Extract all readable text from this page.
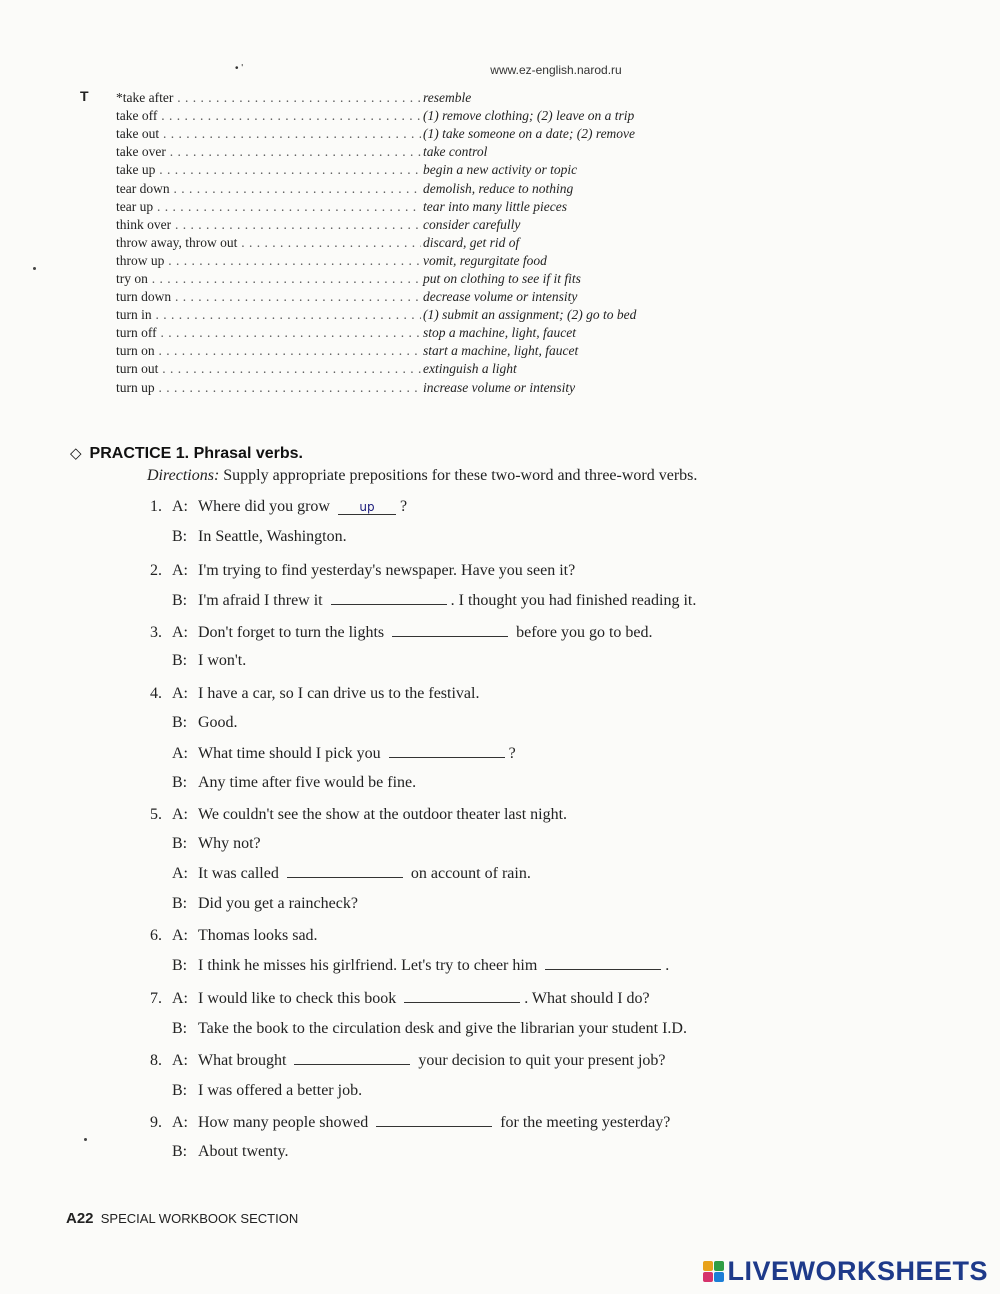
• '	www.ez-english.narod.ru
T *take after . . .	resemble
take off . . .	(1) remove clothing; (2) leave on a trip
take out . . .	(1) take someone on a date; (2) remove
take over . . .	take control
take up . . .	begin a new activity or topic
tear down . . .	demolish, reduce to nothing
tear up . . .	tear into many little pieces
think over . . .	consider carefully
throw away, throw out . . .	discard, get rid of
throw up . . .	vomit, regurgitate food
try on . . .	put on clothing to see if it fits
turn down . . .	decrease volume or intensity
turn in . . .	(1) submit an assignment; (2) go to bed
turn off . . .	stop a machine, light, faucet
turn on . . .	start a machine, light, faucet
turn out . . .	extinguish a light
turn up . . .	increase volume or intensity
◇ PRACTICE 1. Phrasal verbs.
Directions: Supply appropriate prepositions for these two-word and three-word verbs.
1. A: Where did you grow up ?
B: In Seattle, Washington.
2. A: I'm trying to find yesterday's newspaper. Have you seen it?
B: I'm afraid I threw it	. I thought you had finished reading it.
3. A: Don't forget to turn the lights	before you go to bed.
B: I won't.
4. A: I have a car, so I can drive us to the festival.
B: Good.
A: What time should I pick you	?
B: Any time after five would be fine.
5. A: We couldn't see the show at the outdoor theater last night.
B: Why not?
A: It was called	on account of rain.
B: Did you get a raincheck?
6. A: Thomas looks sad.
B: I think he misses his girlfriend. Let's try to cheer him	.
7. A: I would like to check this book	. What should I do?
B: Take the book to the circulation desk and give the librarian your student I.D.
8. A: What brought	your decision to quit your present job?
B: I was offered a better job.
9. A: How many people showed	for the meeting yesterday?
B: About twenty.
A22 SPECIAL WORKBOOK SECTION
LIVEWORKSHEETS
